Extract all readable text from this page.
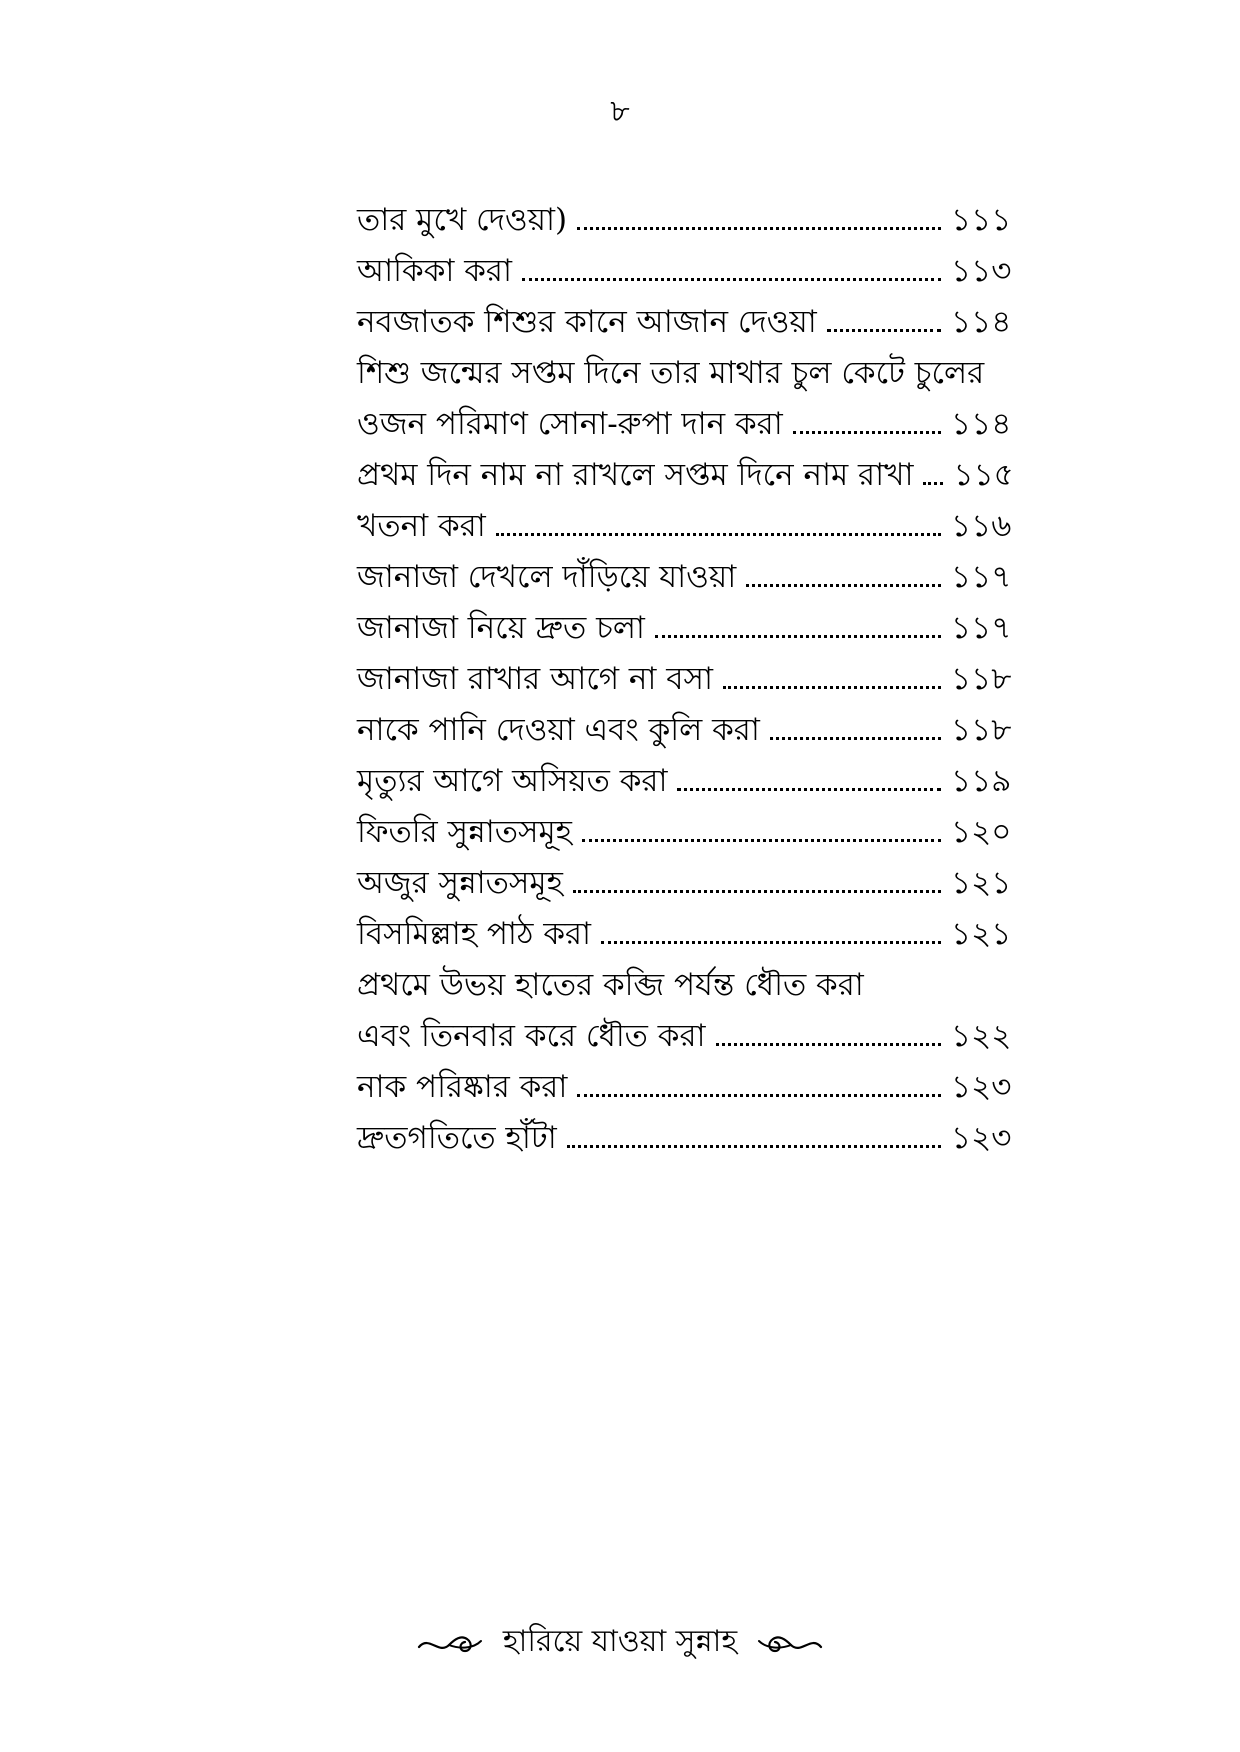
৮
তার মুখে দেওয়া)	১১১
আকিকা করা	১১৩
নবজাতক শিশুর কানে আজান দেওয়া	১১৪
শিশু জন্মের সপ্তম দিনে তার মাথার চুল কেটে চুলের
ওজন পরিমাণ সোনা-রুপা দান করা	১১৪
প্রথম দিন নাম না রাখলে সপ্তম দিনে নাম রাখা ১১৫
খতনা করা	১১৬
জানাজা দেখলে দাঁড়িয়ে যাওয়া	১১৭
জানাজা নিয়ে দ্রুত চলা	১১৭
জানাজা রাখার আগে না বসা	১১৮
নাকে পানি দেওয়া এবং কুলি করা	১১৮
মৃত্যুর আগে অসিয়ত করা	১১৯
ফিতরি সুন্নাতসমূহ	১২০
অজুর সুন্নাতসমূহ	১২১
বিসমিল্লাহ পাঠ করা	১২১
প্রথমে উভয় হাতের কব্জি পর্যন্ত ধৌত করা
এবং তিনবার করে ধৌত করা	১২২
নাক পরিষ্কার করা	১২৩
দ্রুতগতিতে হাঁটা	১২৩
হারিয়ে যাওয়া সুন্নাহ
